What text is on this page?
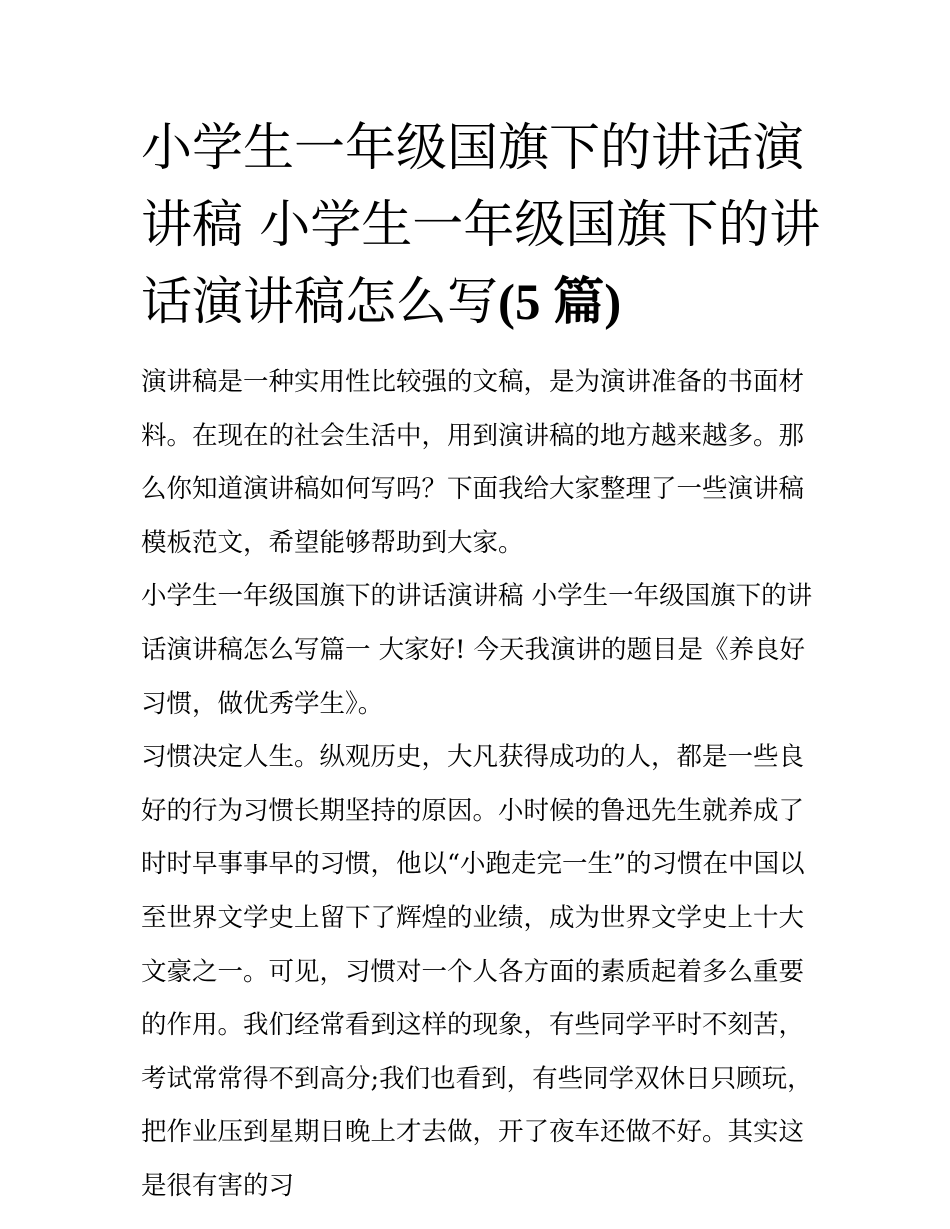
小学生一年级国旗下的讲话演讲稿 小学生一年级国旗下的讲话演讲稿怎么写(5 篇)

演讲稿是一种实用性比较强的文稿，是为演讲准备的书面材料。在现在的社会生活中，用到演讲稿的地方越来越多。那么你知道演讲稿如何写吗？下面我给大家整理了一些演讲稿模板范文，希望能够帮助到大家。

小学生一年级国旗下的讲话演讲稿 小学生一年级国旗下的讲话演讲稿怎么写篇一 大家好! 今天我演讲的题目是《养良好习惯，做优秀学生》。

习惯决定人生。纵观历史，大凡获得成功的人，都是一些良好的行为习惯长期坚持的原因。小时候的鲁迅先生就养成了时时早事事早的习惯，他以“小跑走完一生”的习惯在中国以至世界文学史上留下了辉煌的业绩，成为世界文学史上十大文豪之一。可见，习惯对一个人各方面的素质起着多么重要的作用。我们经常看到这样的现象，有些同学平时不刻苦，考试常常得不到高分;我们也看到，有些同学双休日只顾玩，把作业压到星期日晚上才去做，开了夜车还做不好。其实这是很有害的习
